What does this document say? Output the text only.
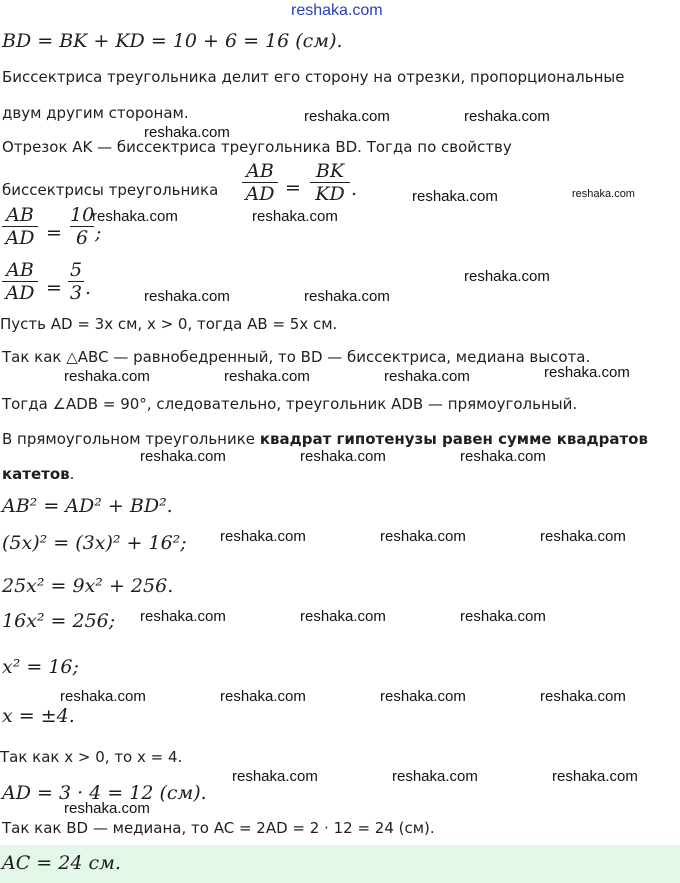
reshaka.com
BD = BK + KD = 10 + 6 = 16 (см).
Биссектриса треугольника делит его сторону на отрезки, пропорциональные
двум другим сторонам.
Отрезок AK — биссектриса треугольника BD. Тогда по свойству
биссектрисы треугольника
AB
AD =
BK
KD .
AB
AD =
10
6 ;
AB
AD =
5
3 .
Пусть AD = 3x см, x > 0, тогда AB = 5x см.
Так как △ABC — равнобедренный, то BD — биссектриса, медиана высота.
Тогда ∠ADB = 90°, следовательно, треугольник ADB — прямоугольный.
В прямоугольном треугольнике квадрат гипотенузы равен сумме квадратов
катетов.
AB² = AD² + BD².
(5x)² = (3x)² + 16²;
25x² = 9x² + 256.
16x² = 256;
x² = 16;
x = ±4.
Так как x > 0, то x = 4.
AD = 3 · 4 = 12 (см).
Так как BD — медиана, то AC = 2AD = 2 · 12 = 24 (см).
AC = 24 см.
reshaka.com	reshaka.com
reshaka.com
reshaka.com	reshaka.com
reshaka.com	reshaka.com
reshaka.com
reshaka.com	reshaka.com
reshaka.com	reshaka.com	reshaka.com	reshaka.com
reshaka.com	reshaka.com	reshaka.com
reshaka.com	reshaka.com	reshaka.com
reshaka.com	reshaka.com	reshaka.com
reshaka.com	reshaka.com	reshaka.com	reshaka.com
reshaka.com	reshaka.com	reshaka.com
reshaka.com
